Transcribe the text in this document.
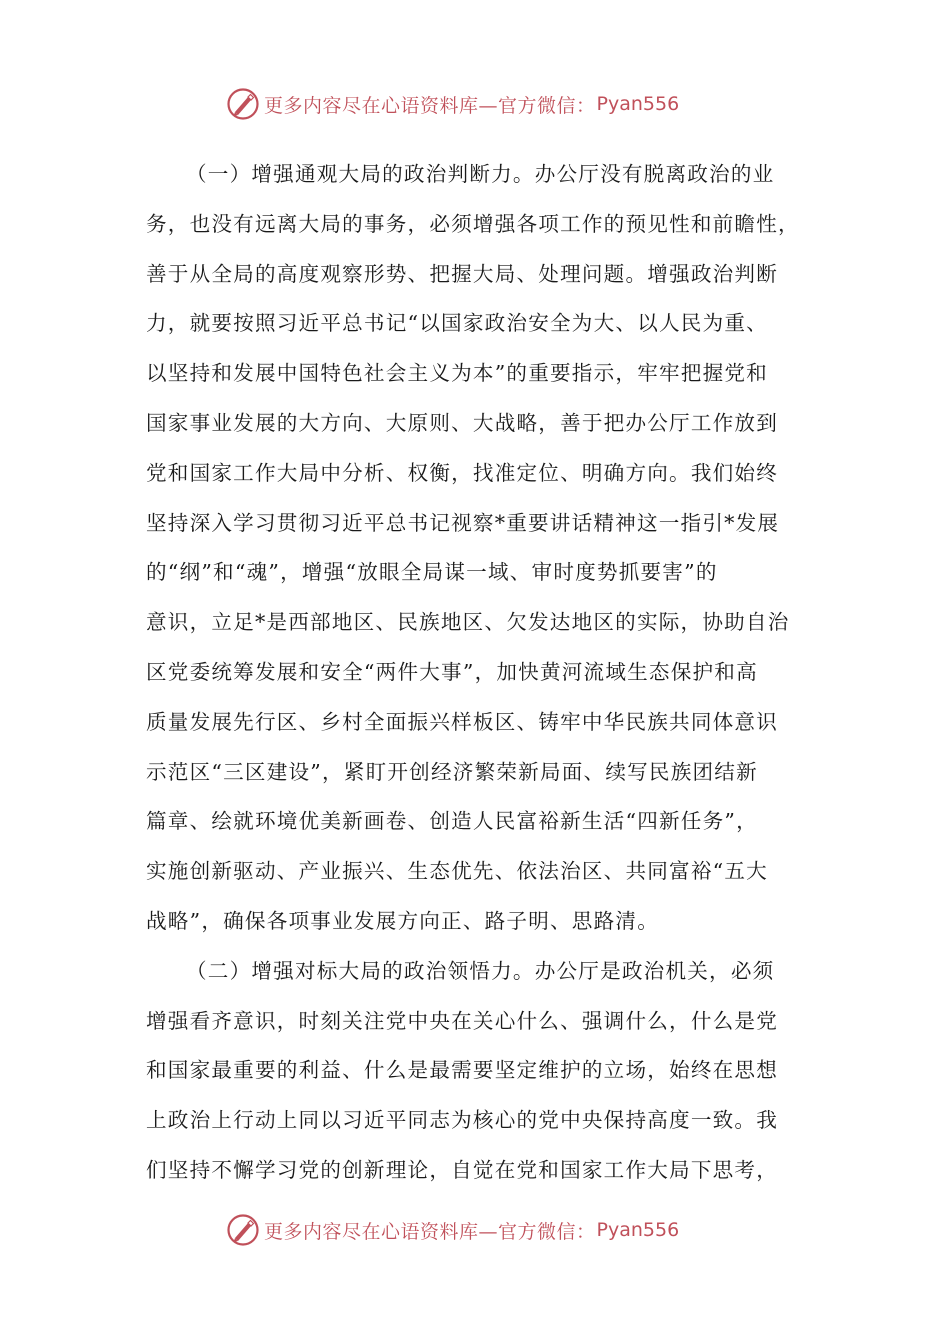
更多内容尽在心语资料库—官方微信： Pyan556
（一）增强通观大局的政治判断力。办公厅没有脱离政治的业
务，也没有远离大局的事务，必须增强各项工作的预见性和前瞻性，
善于从全局的高度观察形势、把握大局、处理问题。增强政治判断
力，就要按照习近平总书记“以国家政治安全为大、以人民为重、
以坚持和发展中国特色社会主义为本”的重要指示，牢牢把握党和
国家事业发展的大方向、大原则、大战略，善于把办公厅工作放到
党和国家工作大局中分析、权衡，找准定位、明确方向。我们始终
坚持深入学习贯彻习近平总书记视察*重要讲话精神这一指引*发展
的“纲”和“魂”，增强“放眼全局谋一域、审时度势抓要害”的
意识，立足*是西部地区、民族地区、欠发达地区的实际，协助自治
区党委统筹发展和安全“两件大事”，加快黄河流域生态保护和高
质量发展先行区、乡村全面振兴样板区、铸牢中华民族共同体意识
示范区“三区建设”，紧盯开创经济繁荣新局面、续写民族团结新
篇章、绘就环境优美新画卷、创造人民富裕新生活“四新任务”，
实施创新驱动、产业振兴、生态优先、依法治区、共同富裕“五大
战略”，确保各项事业发展方向正、路子明、思路清。
（二）增强对标大局的政治领悟力。办公厅是政治机关，必须
增强看齐意识，时刻关注党中央在关心什么、强调什么，什么是党
和国家最重要的利益、什么是最需要坚定维护的立场，始终在思想
上政治上行动上同以习近平同志为核心的党中央保持高度一致。我
们坚持不懈学习党的创新理论，自觉在党和国家工作大局下思考，
更多内容尽在心语资料库—官方微信： Pyan556
